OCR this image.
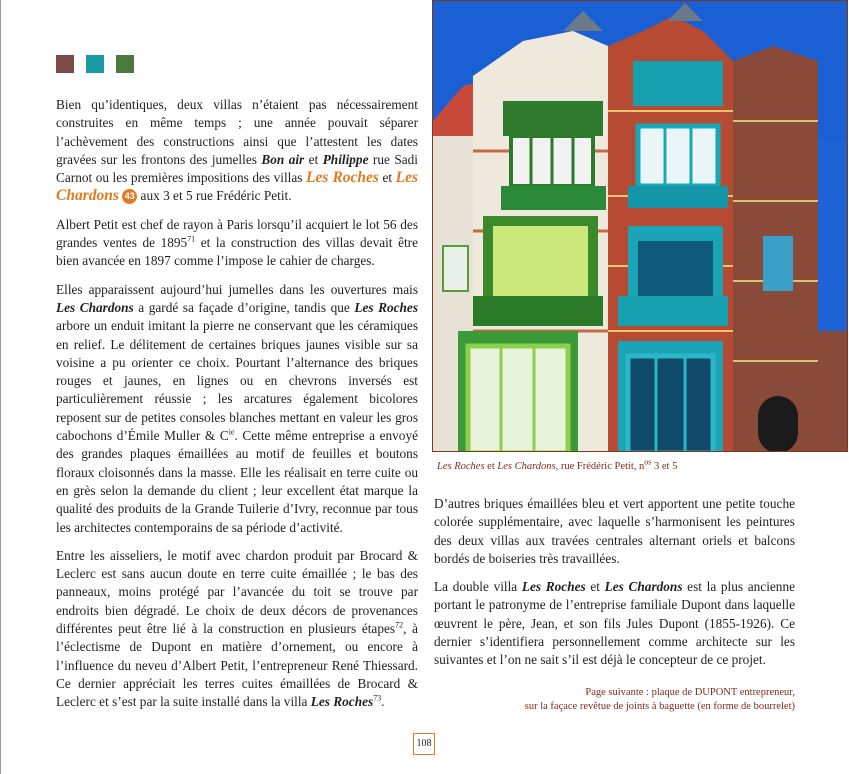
Bien qu’identiques, deux villas n’étaient pas nécessairement construites en même temps ; une année pouvait séparer l’achèvement des constructions ainsi que l’attestent les dates gravées sur les frontons des jumelles Bon air et Philippe rue Sadi Carnot ou les premières impositions des villas Les Roches et Les Chardons 43 aux 3 et 5 rue Frédéric Petit.

Albert Petit est chef de rayon à Paris lorsqu’il acquiert le lot 56 des grandes ventes de 1895$^{71}$ et la construction des villas devait être bien avancée en 1897 comme l’impose le cahier de charges.

Elles apparaissent aujourd’hui jumelles dans les ouvertures mais Les Chardons a gardé sa façade d’origine, tandis que Les Roches arbore un enduit imitant la pierre ne conservant que les céramiques en relief. Le délitement de certaines briques jaunes visible sur sa voisine a pu orienter ce choix. Pourtant l’alternance des briques rouges et jaunes, en lignes ou en chevrons inversés est particulièrement réussie ; les arcatures également bicolores reposent sur de petites consoles blanches mettant en valeur les gros cabochons d’Émile Muller & $C^{ie}$. Cette même entreprise a envoyé des grandes plaques émaillées au motif de feuilles et boutons floraux cloisonnés dans la masse. Elle les réalisait en terre cuite ou en grès selon la demande du client ; leur excellent état marque la qualité des produits de la Grande Tuilerie d’Ivry, reconnue par tous les architectes contemporains de sa période d’activité.

Entre les aisseliers, le motif avec chardon produit par Brocard & Leclerc est sans aucun doute en terre cuite émaillée ; le bas des panneaux, moins protégé par l’avancée du toit se trouve par endroits bien dégradé. Le choix de deux décors de provenances différentes peut être lié à la construction en plusieurs étapes$^{72}$, à l’éclectisme de Dupont en matière d’ornement, ou encore à l’influence du neveu d’Albert Petit, l’entrepreneur René Thiessard. Ce dernier appréciait les terres cuites émaillées de Brocard & Leclerc et s’est par la suite installé dans la villa Les Roches$^{73}$.

Les Roches et Les Chardons, rue Frédéric Petit, $n^{os}$ 3 et 5

D’autres briques émaillées bleu et vert apportent une petite touche colorée supplémentaire, avec laquelle s’harmonisent les peintures des deux villas aux travées centrales alternant oriels et balcons bordés de boiseries très travaillées.

La double villa Les Roches et Les Chardons est la plus ancienne portant le patronyme de l’entreprise familiale Dupont dans laquelle œuvrent le père, Jean, et son fils Jules Dupont (1855-1926). Ce dernier s’identifiera personnellement comme architecte sur les suivantes et l’on ne sait s’il est déjà le concepteur de ce projet.

Page suivante : plaque de DUPONT entrepreneur,
sur la façace revêtue de joints à baguette (en forme de bourrelet)
108
